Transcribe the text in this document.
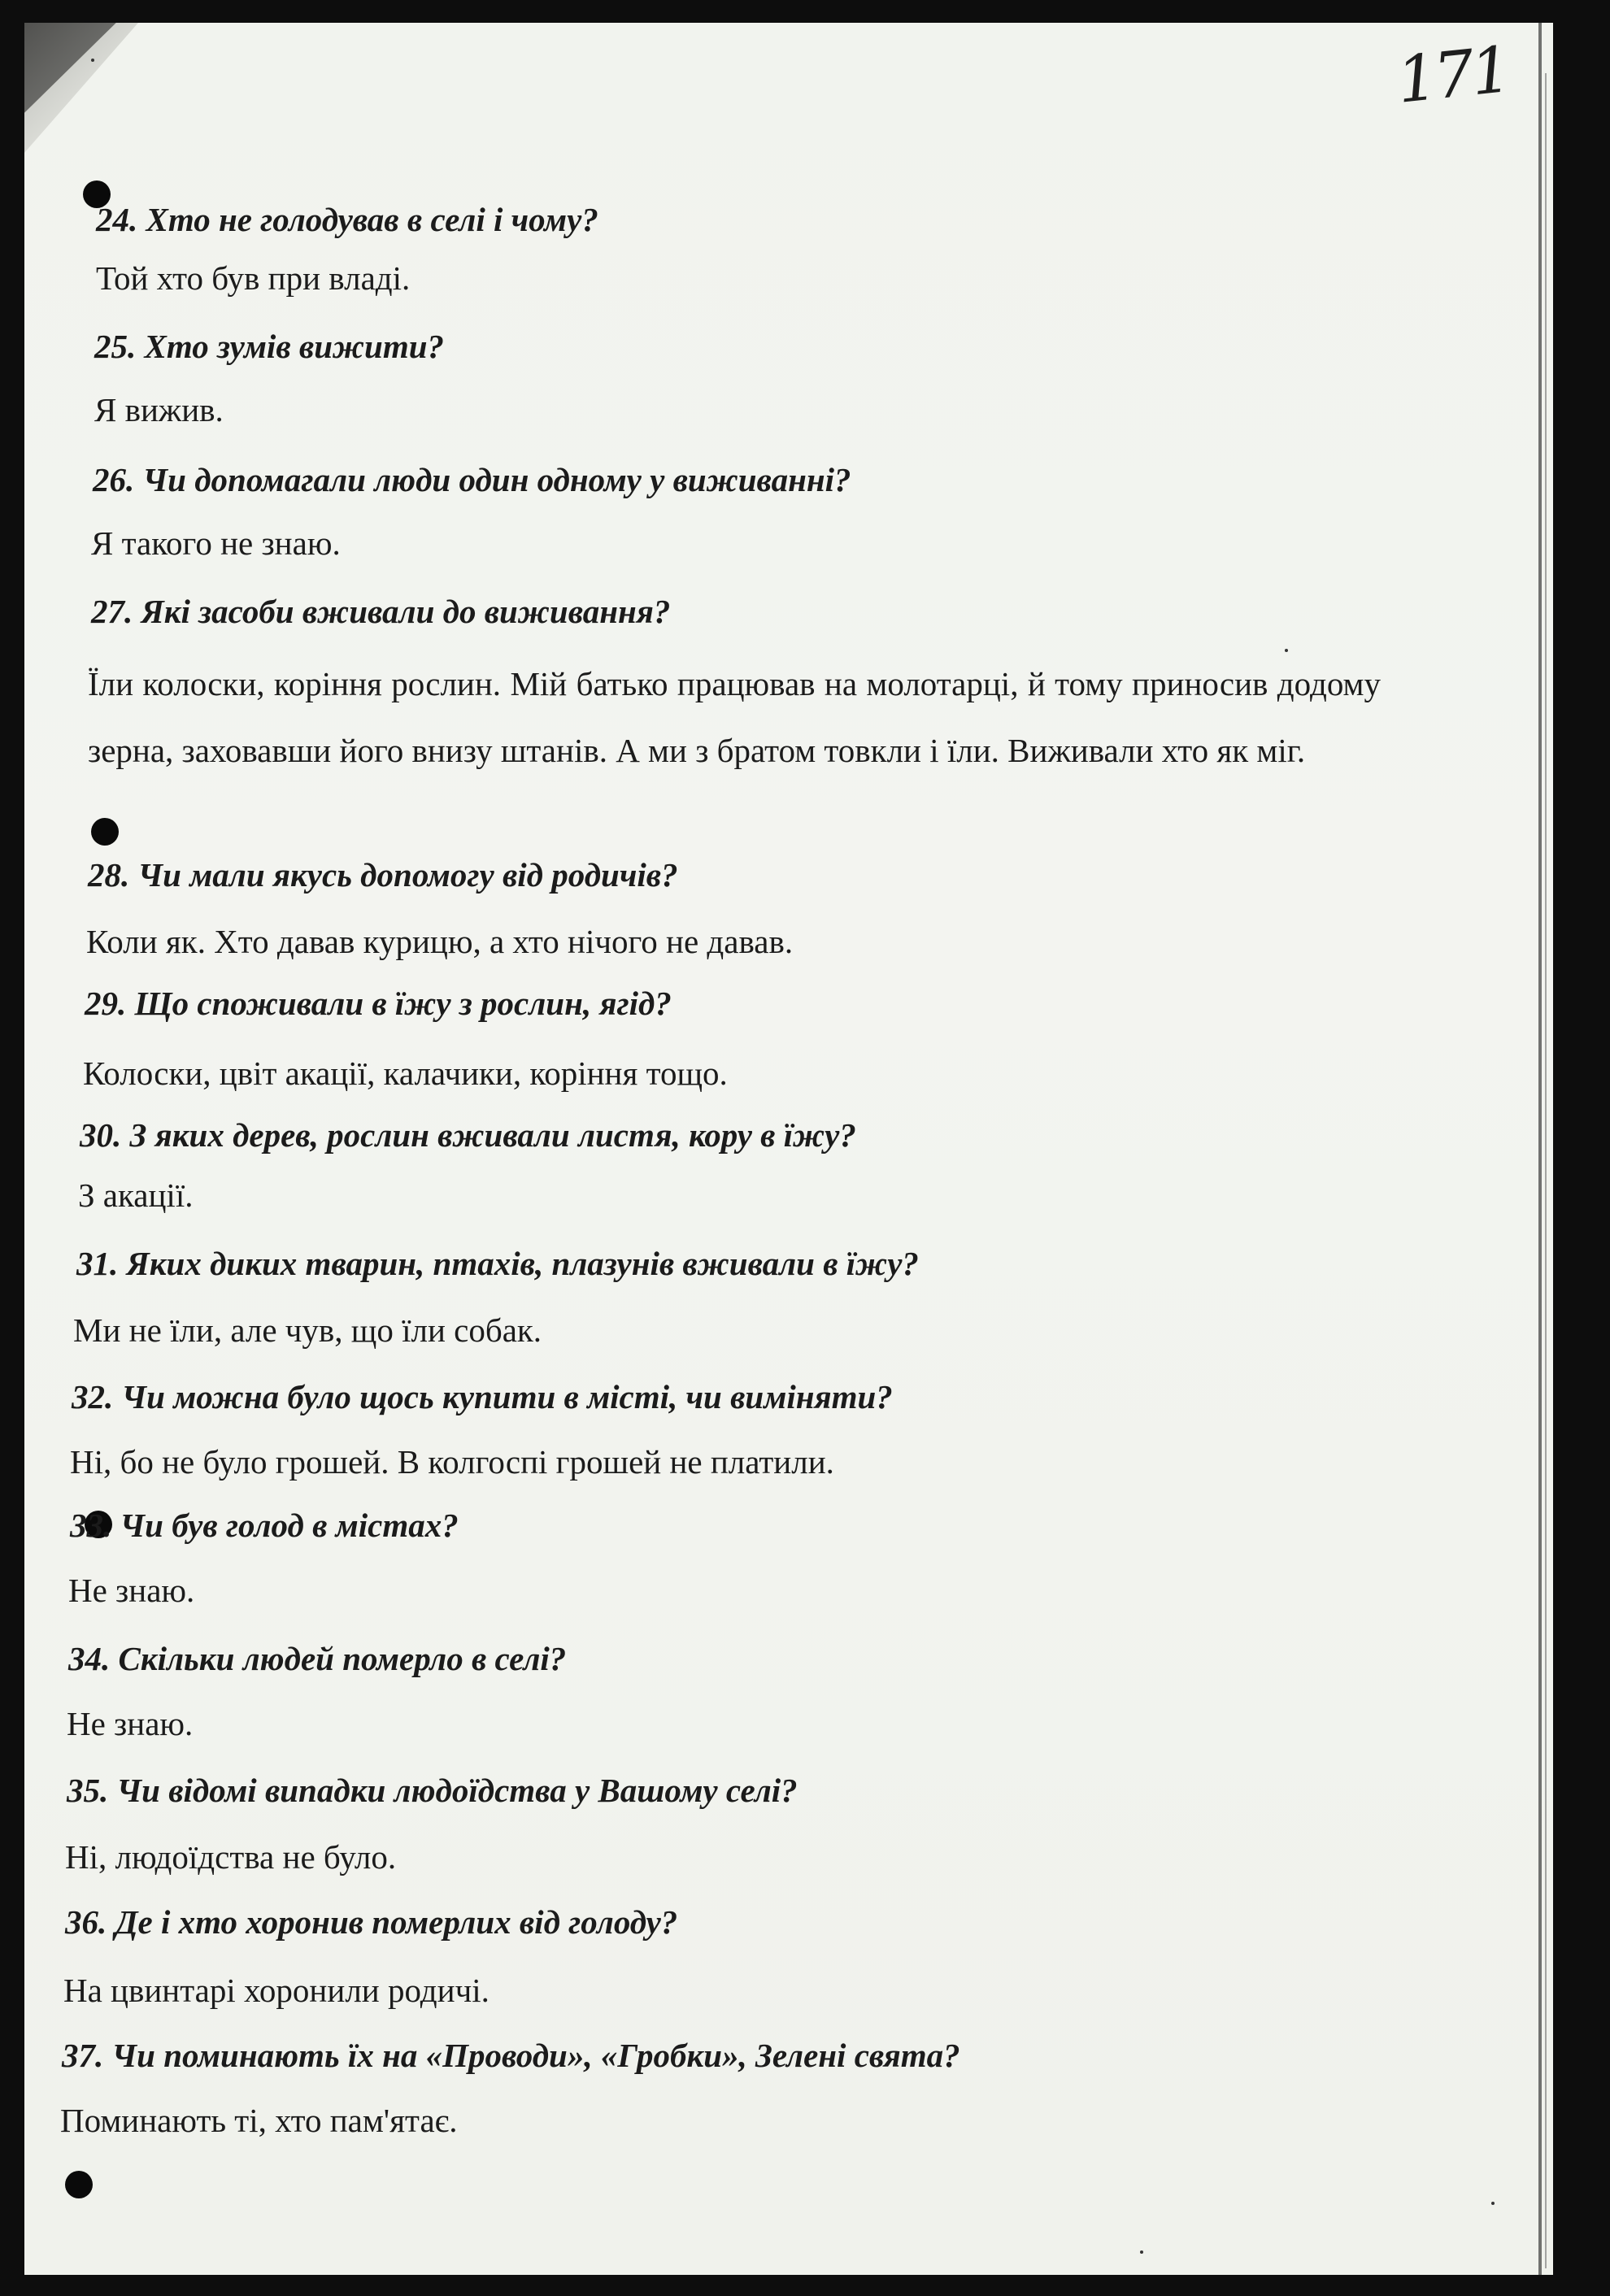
171
24. Хто не голодував в селі і чому?
Той хто був при владі.
25. Хто зумів вижити?
Я вижив.
26. Чи допомагали люди один одному у виживанні?
Я такого не знаю.
27. Які засоби вживали до виживання?
Їли колоски, коріння рослин. Мій батько працював на молотарці, й тому приносив додому зерна, заховавши його внизу штанів. А ми з братом товкли і їли. Виживали хто як міг.
28. Чи мали якусь допомогу від родичів?
Коли як. Хто давав курицю, а хто нічого не давав.
29. Що споживали в їжу з рослин, ягід?
Колоски, цвіт акації, калачики, коріння тощо.
30. З яких дерев, рослин вживали листя, кору в їжу?
З акації.
31. Яких диких тварин, птахів, плазунів вживали в їжу?
Ми не їли, але чув, що їли собак.
32. Чи можна було щось купити в місті, чи виміняти?
Ні, бо не було грошей. В колгоспі грошей не платили.
33. Чи був голод в містах?
Не знаю.
34. Скільки людей померло в селі?
Не знаю.
35. Чи відомі випадки людоїдства у Вашому селі?
Ні, людоїдства не було.
36. Де і хто хоронив померлих від голоду?
На цвинтарі хоронили родичі.
37. Чи поминають їх на «Проводи», «Гробки», Зелені свята?
Поминають ті, хто пам'ятає.
